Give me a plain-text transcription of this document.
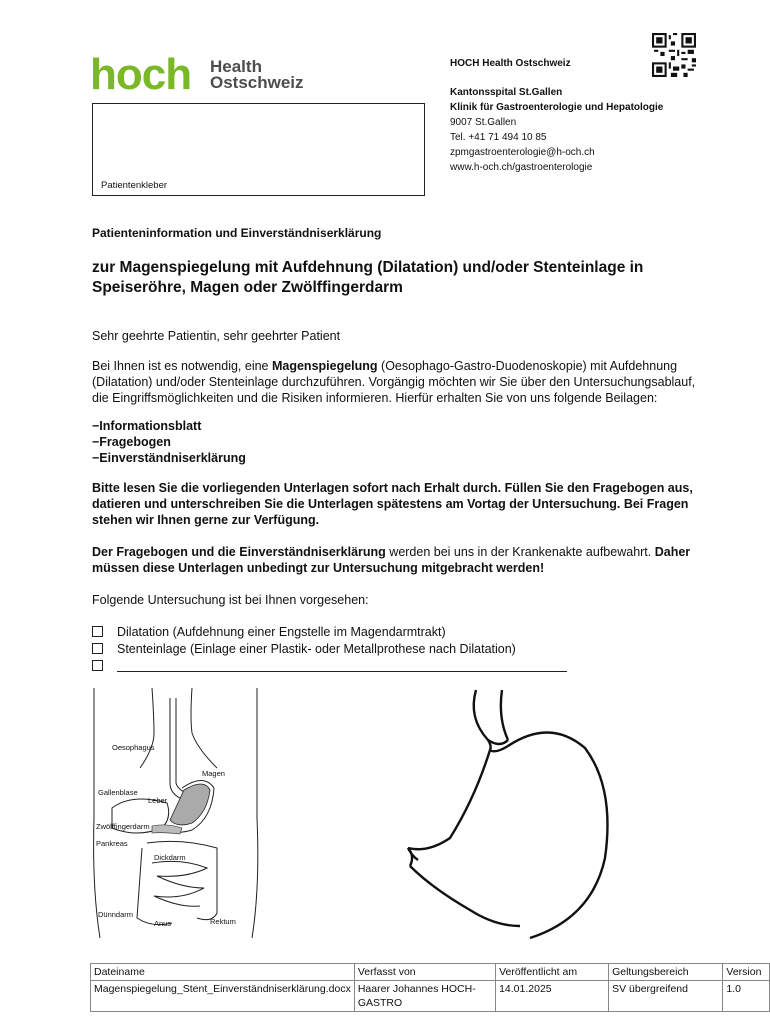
hoch Health
Ostschweiz
Patientenkleber
HOCH Health Ostschweiz
Kantonsspital St.Gallen
Klinik für Gastroenterologie und Hepatologie
9007 St.Gallen
Tel. +41 71 494 10 85
zpmgastroenterologie@h-och.ch
www.h-och.ch/gastroenterologie
Patienteninformation und Einverständniserklärung
zur Magenspiegelung mit Aufdehnung (Dilatation) und/oder Stenteinlage in Speiseröhre, Magen oder Zwölffingerdarm
Sehr geehrte Patientin, sehr geehrter Patient
Bei Ihnen ist es notwendig, eine Magenspiegelung (Oesophago-Gastro-Duodenoskopie) mit Aufdehnung (Dilatation) und/oder Stenteinlage durchzuführen. Vorgängig möchten wir Sie über den Untersuchungsablauf, die Eingriffsmöglichkeiten und die Risiken informieren. Hierfür erhalten Sie von uns folgende Beilagen:
−Informationsblatt
−Fragebogen
−Einverständniserklärung
Bitte lesen Sie die vorliegenden Unterlagen sofort nach Erhalt durch. Füllen Sie den Fragebogen aus, datieren und unterschreiben Sie die Unterlagen spätestens am Vortag der Untersuchung. Bei Fragen stehen wir Ihnen gerne zur Verfügung.
Der Fragebogen und die Einverständniserklärung werden bei uns in der Krankenakte aufbewahrt. Daher müssen diese Unterlagen unbedingt zur Untersuchung mitgebracht werden!
Folgende Untersuchung ist bei Ihnen vorgesehen:
Dilatation (Aufdehnung einer Engstelle im Magendarmtrakt)
Stenteinlage (Einlage einer Plastik- oder Metallprothese nach Dilatation)
Oesophagus
Magen
Gallenblase
Leber
Zwölffingerdarm
Pankreas
Dickdarm
Dünndarm
Anus	Rektum
Dateiname	Verfasst von	Veröffentlicht am	Geltungsbereich	Version
Magenspiegelung_Stent_Einverständniserklärung.docx	Haarer Johannes HOCH-GASTRO	14.01.2025	SV übergreifend	1.0
